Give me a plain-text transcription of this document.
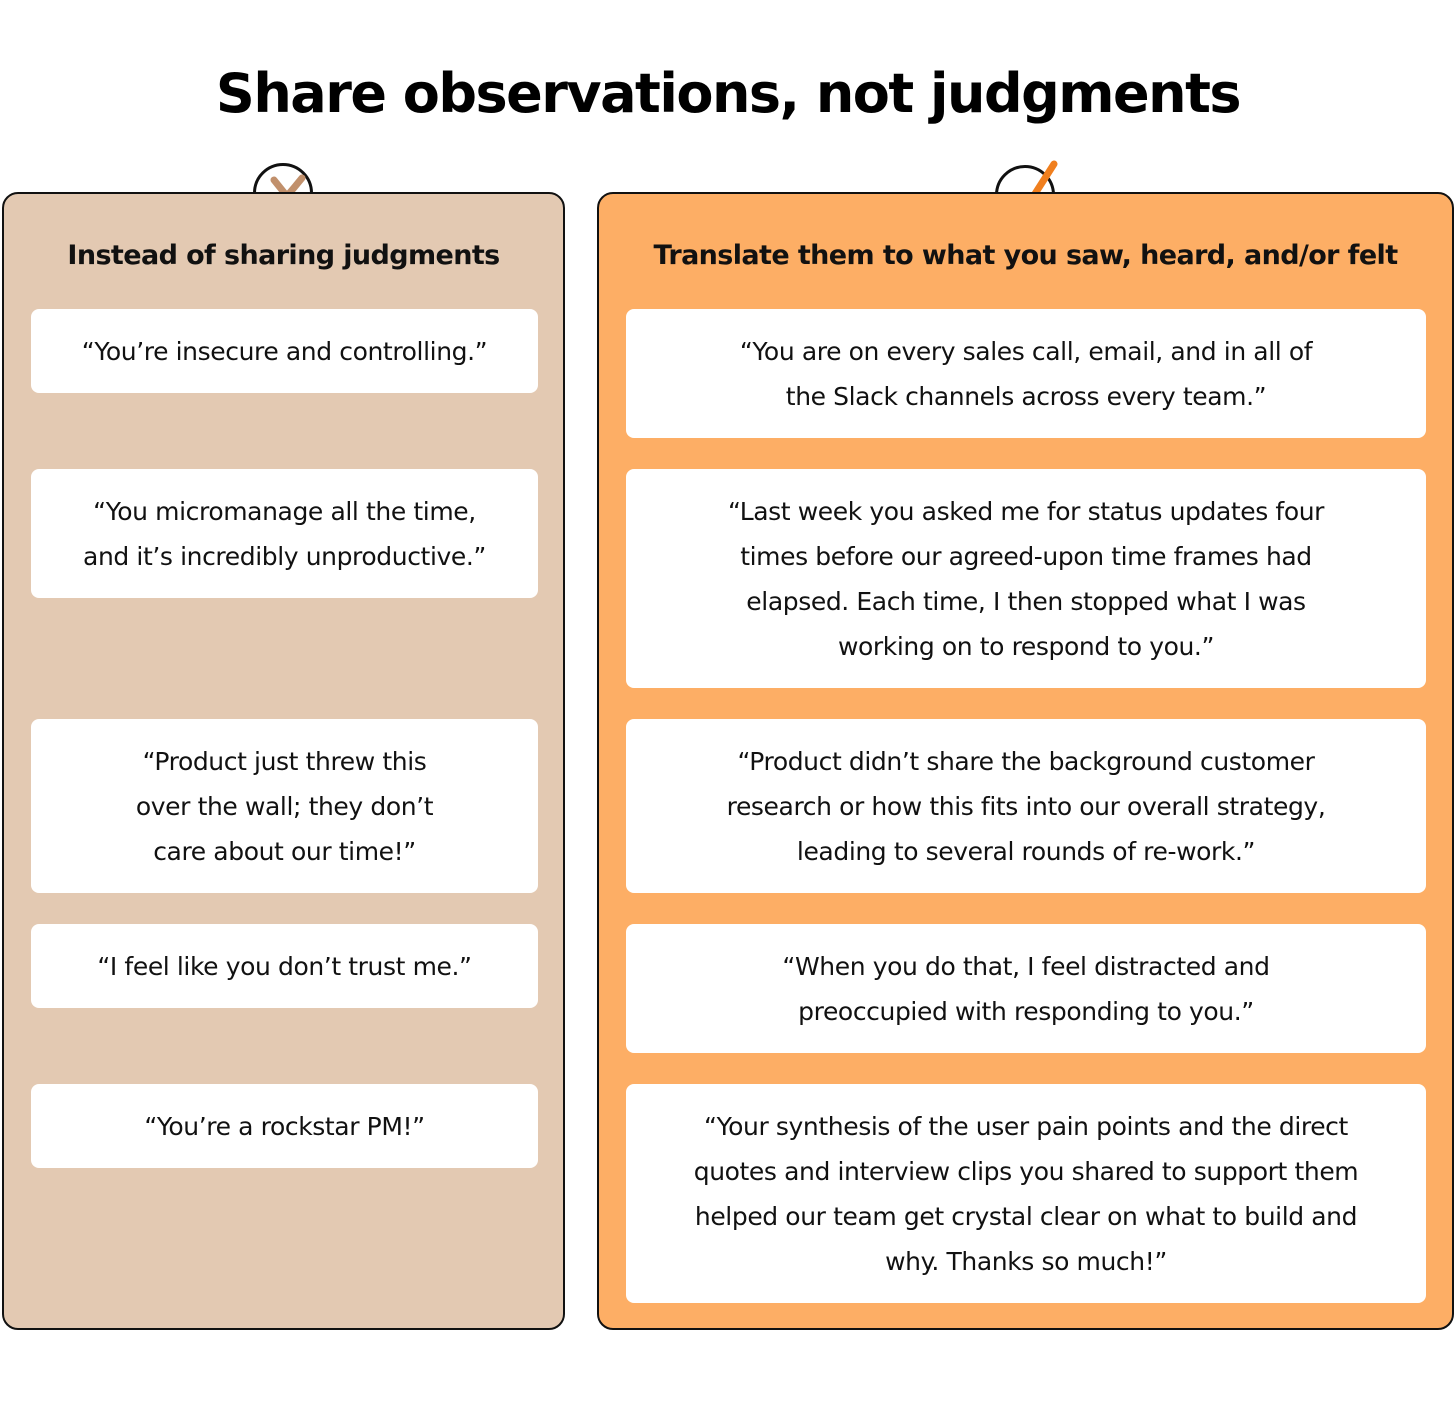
Share observations, not judgments
Instead of sharing judgments
“You’re insecure and controlling.”
“You micromanage all the time, and it’s incredibly unproductive.”
“Product just threw this over the wall; they don’t care about our time!”
“I feel like you don’t trust me.”
“You’re a rockstar PM!”
Translate them to what you saw, heard, and/or felt
“You are on every sales call, email, and in all of the Slack channels across every team.”
“Last week you asked me for status updates four times before our agreed-upon time frames had elapsed. Each time, I then stopped what I was working on to respond to you.”
“Product didn’t share the background customer research or how this fits into our overall strategy, leading to several rounds of re-work.”
“When you do that, I feel distracted and preoccupied with responding to you.”
“Your synthesis of the user pain points and the direct quotes and interview clips you shared to support them helped our team get crystal clear on what to build and why. Thanks so much!”
